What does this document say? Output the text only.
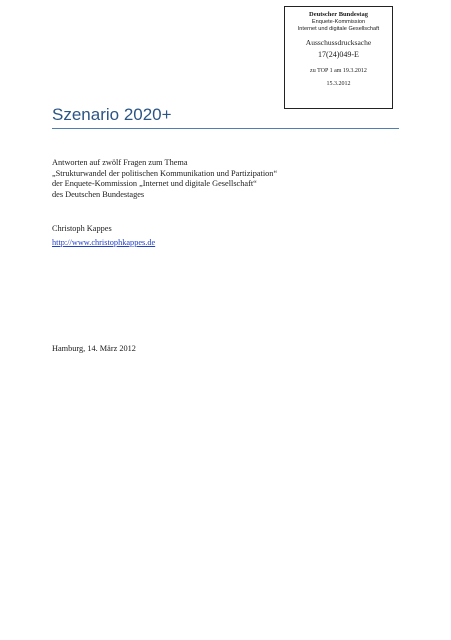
Deutscher Bundestag
Enquete-Kommission
Internet und digitale Gesellschaft
Ausschussdrucksache
17(24)049-E
zu TOP 1 am 19.3.2012
15.3.2012
Szenario 2020+
Antworten auf zwölf Fragen zum Thema
„Strukturwandel der politischen Kommunikation und Partizipation“
der Enquete-Kommission „Internet und digitale Gesellschaft“
des Deutschen Bundestages
Christoph Kappes
http://www.christophkappes.de
Hamburg, 14. März 2012
